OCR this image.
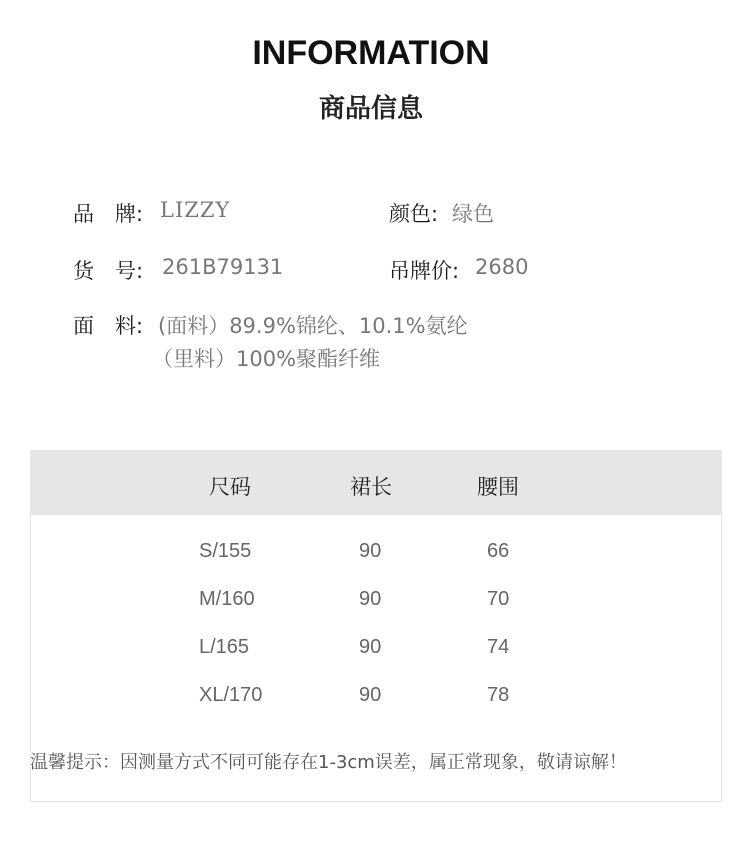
INFORMATION
商品信息
品　牌: LIZZY	颜色: 绿色
货　号: 261B79131	吊牌价: 2680
面　料: (面料）89.9%锦纶、10.1%氨纶
（里料）100%聚酯纤维
尺码	裙长	腰围
S/155	90	66
M/160	90	70
L/165	90	74
XL/170	90	78
温馨提示：因测量方式不同可能存在1-3cm误差，属正常现象，敬请谅解！
